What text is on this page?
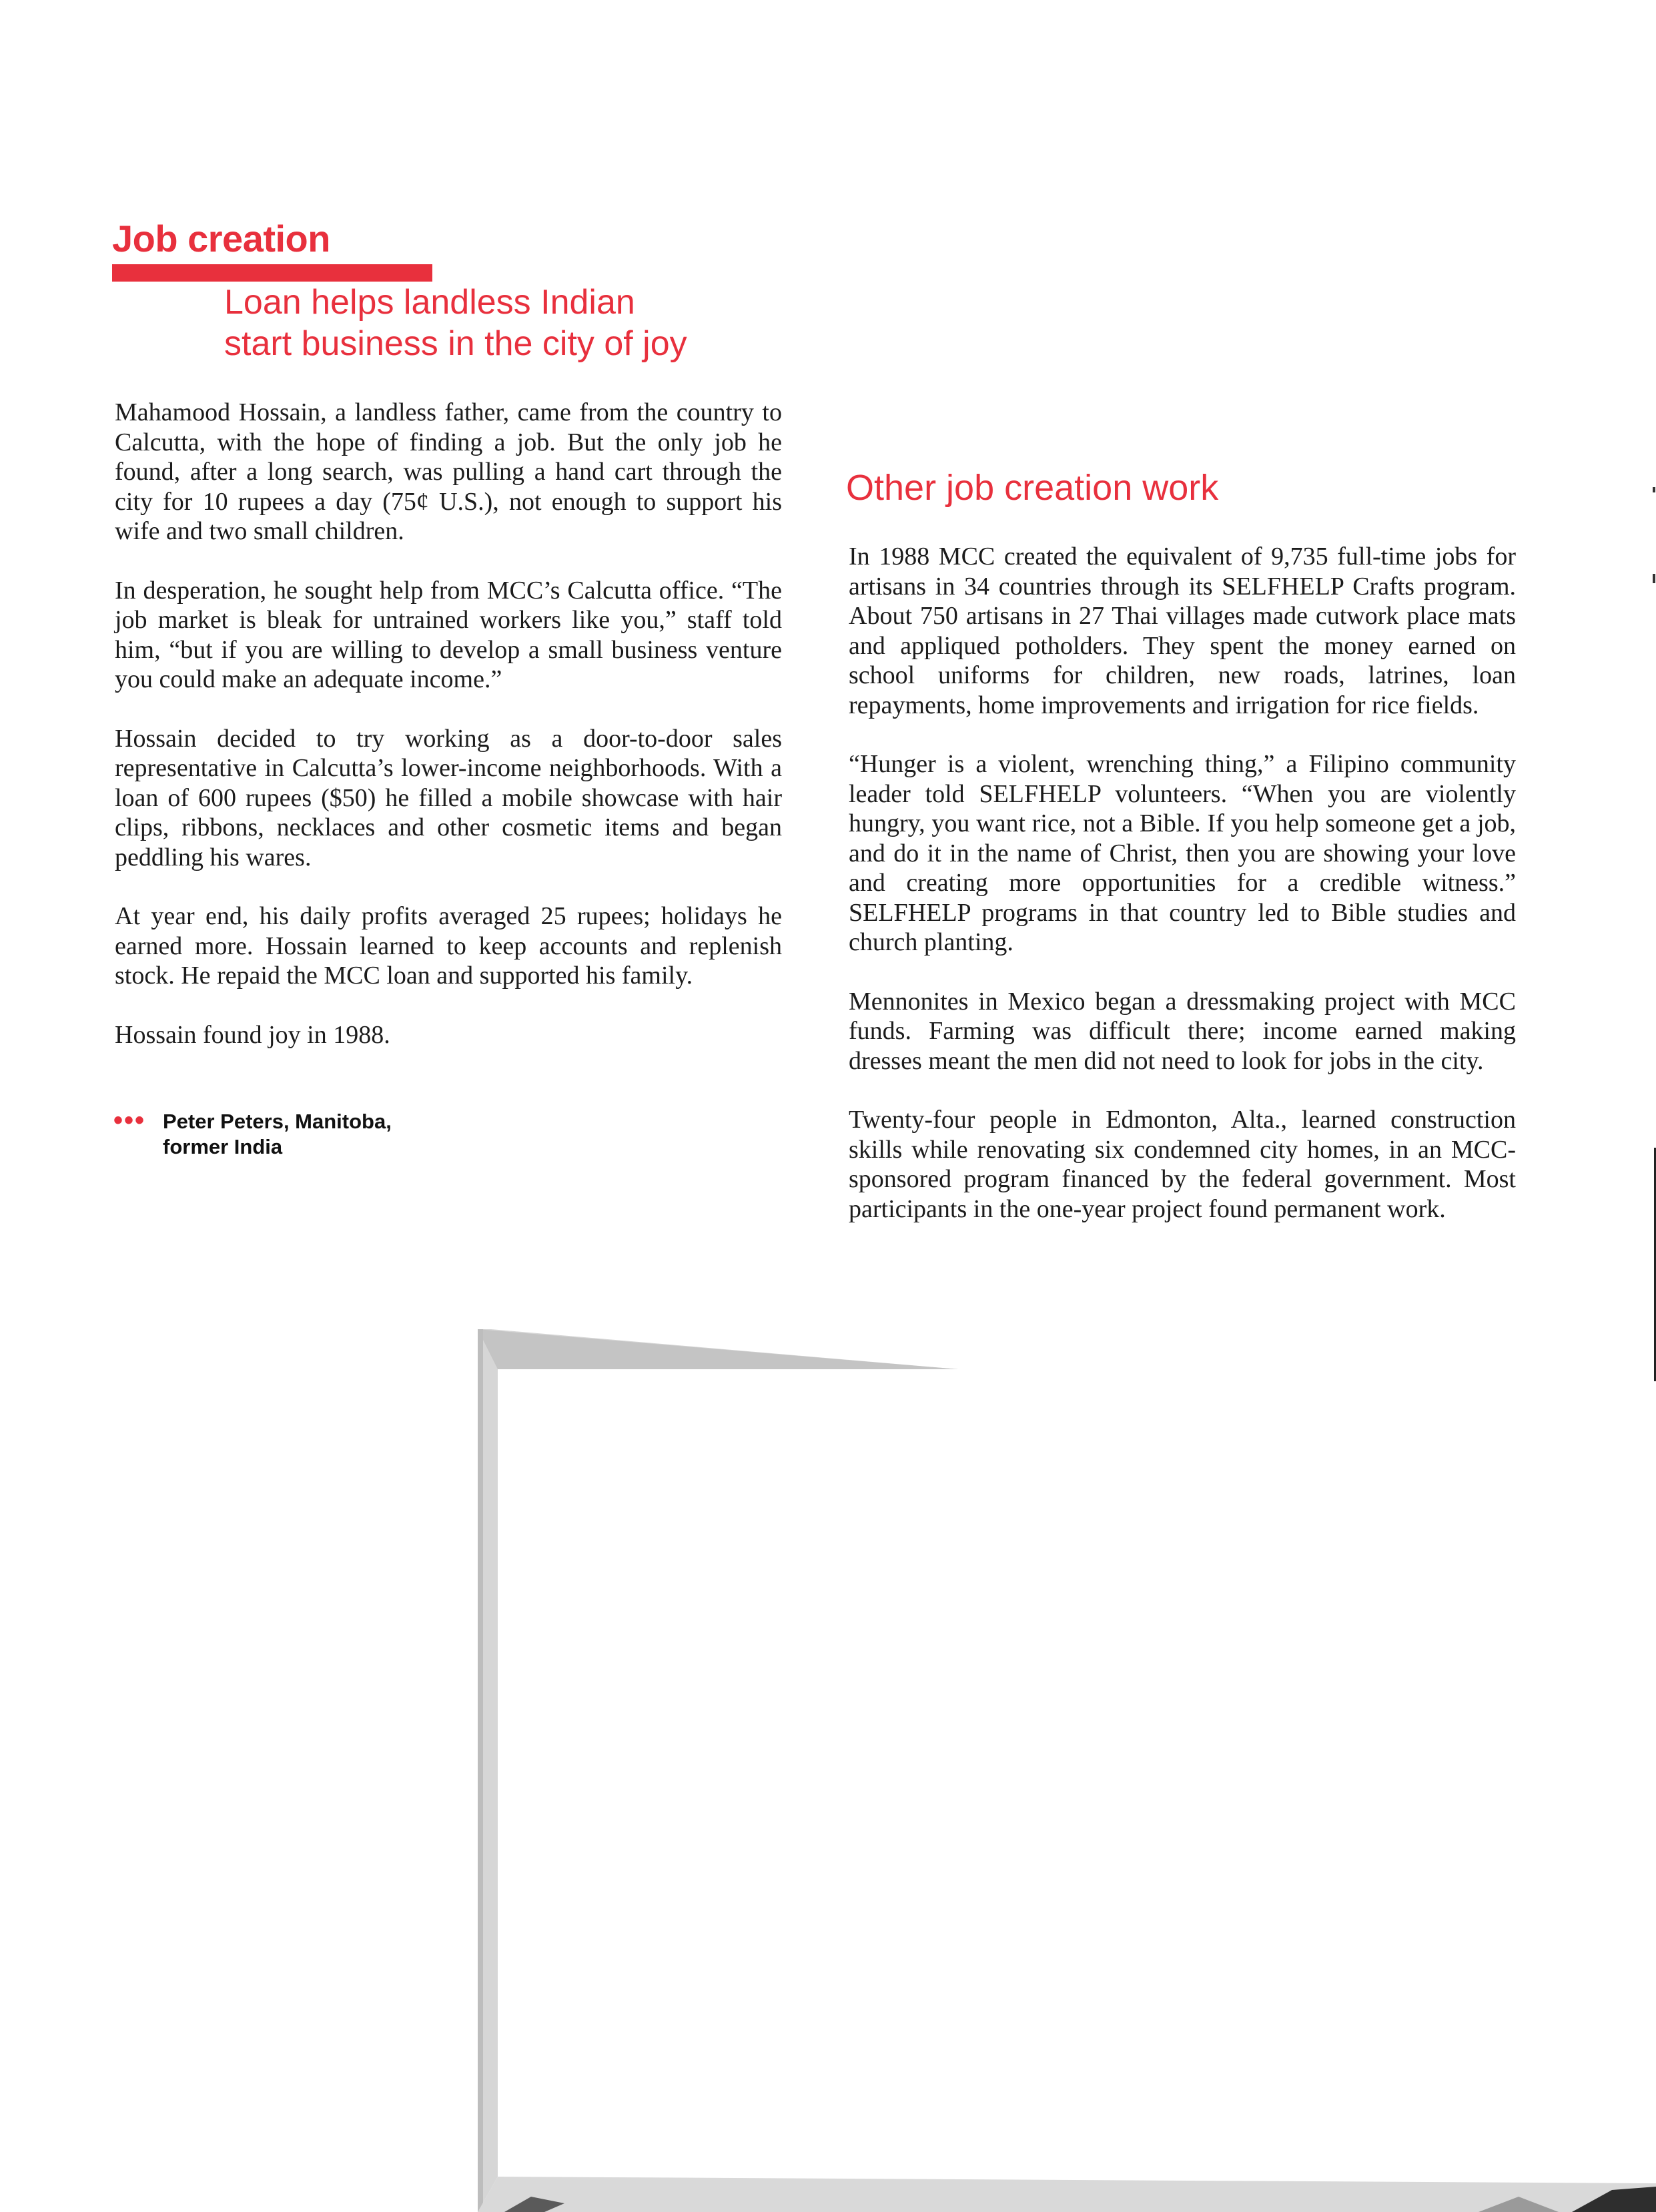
Job creation
Loan helps landless Indian
start business in the city of joy

Mahamood Hossain, a landless father, came from the country to Calcutta, with the hope of finding a job. But the only job he found, after a long search, was pulling a hand cart through the city for 10 rupees a day (75¢ U.S.), not enough to support his wife and two small children.

In desperation, he sought help from MCC’s Calcutta office. “The job market is bleak for untrained workers like you,” staff told him, “but if you are willing to develop a small business venture you could make an adequate income.”

Hossain decided to try working as a door-to-door sales representative in Calcutta’s lower-income neighborhoods. With a loan of 600 rupees ($50) he filled a mobile showcase with hair clips, ribbons, necklaces and other cosmetic items and began peddling his wares.

At year end, his daily profits averaged 25 rupees; holidays he earned more. Hossain learned to keep accounts and replenish stock. He repaid the MCC loan and supported his family.

Hossain found joy in 1988.

••• Peter Peters, Manitoba,
former India
Other job creation work

In 1988 MCC created the equivalent of 9,735 full-time jobs for artisans in 34 countries through its SELFHELP Crafts program. About 750 artisans in 27 Thai villages made cutwork place mats and appliqued potholders. They spent the money earned on school uniforms for children, new roads, latrines, loan repayments, home improvements and irrigation for rice fields.

“Hunger is a violent, wrenching thing,” a Filipino community leader told SELFHELP volunteers. “When you are violently hungry, you want rice, not a Bible. If you help someone get a job, and do it in the name of Christ, then you are showing your love and creating more opportunities for a credible witness.” SELFHELP programs in that country led to Bible studies and church planting.

Mennonites in Mexico began a dressmaking project with MCC funds. Farming was difficult there; income earned making dresses meant the men did not need to look for jobs in the city.

Twenty-four people in Edmonton, Alta., learned construction skills while renovating six condemned city homes, in an MCC-sponsored program financed by the federal government. Most participants in the one-year project found permanent work.
